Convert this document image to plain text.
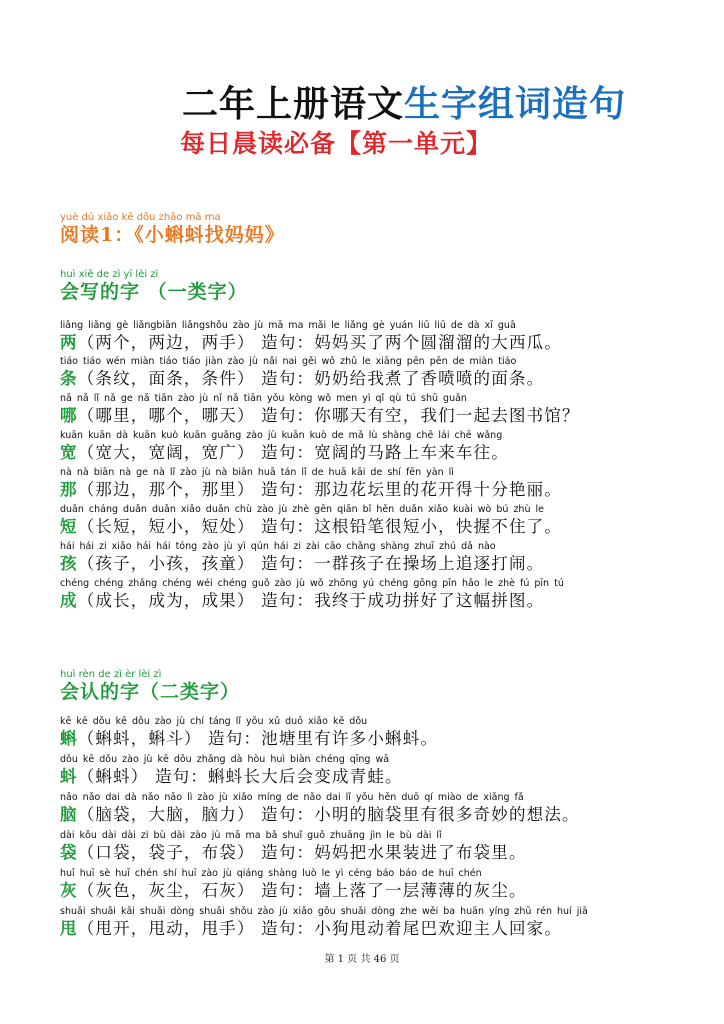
二年上册语文生字组词造句
每日晨读必备【第一单元】
yuè dú xiǎo kē dǒu zhǎo mā ma
阅读1：《小蝌蚪找妈妈》
huì xiě de zì yī lèi zì
会写的字 （一类字）
liǎng liǎng gè liǎngbiān liǎngshǒu zào jù mā ma mǎi le liǎng gè yuán liū liū de dà xī guā
两（两个，两边，两手） 造句：妈妈买了两个圆溜溜的大西瓜。
tiáo tiáo wén miàn tiáo tiáo jiàn zào jù nǎi nai gěi wǒ zhǔ le xiāng pēn pēn de miàn tiáo
条（条纹，面条，条件） 造句：奶奶给我煮了香喷喷的面条。
nǎ nǎ lǐ nǎ ge nǎ tiān zào jù nǐ nǎ tiān yǒu kòng wǒ men yì qǐ qù tú shū guǎn
哪（哪里，哪个，哪天） 造句：你哪天有空，我们一起去图书馆？
kuān kuān dà kuān kuò kuān guǎng zào jù kuān kuò de mǎ lù shàng chē lái chē wǎng
宽（宽大，宽阔，宽广） 造句：宽阔的马路上车来车往。
nà nà biān nà ge nà lǐ zào jù nà biān huā tán lǐ de huā kāi de shí fēn yàn lì
那（那边，那个，那里） 造句：那边花坛里的花开得十分艳丽。
duǎn cháng duǎn duǎn xiǎo duǎn chù zào jù zhè gēn qiān bǐ hěn duǎn xiǎo kuài wò bú zhù le
短（长短，短小，短处） 造句：这根铅笔很短小，快握不住了。
hái hái zi xiǎo hái hái tóng zào jù yì qún hái zi zài cāo chǎng shàng zhuī zhú dǎ nào
孩（孩子，小孩，孩童） 造句：一群孩子在操场上追逐打闹。
chéng chéng zhǎng chéng wéi chéng guǒ zào jù wǒ zhōng yú chéng gōng pīn hǎo le zhè fú pīn tú
成（成长，成为，成果） 造句：我终于成功拼好了这幅拼图。
huì rèn de zì èr lèi zì
会认的字（二类字）
kē kē dǒu kē dǒu zào jù chí táng lǐ yǒu xǔ duō xiǎo kē dǒu
蝌（蝌蚪，蝌斗） 造句：池塘里有许多小蝌蚪。
dǒu kē dǒu zào jù kē dǒu zhǎng dà hòu huì biàn chéng qīng wā
蚪（蝌蚪） 造句：蝌蚪长大后会变成青蛙。
nǎo nǎo dai dà nǎo nǎo lì zào jù xiǎo míng de nǎo dai lǐ yǒu hěn duō qí miào de xiǎng fǎ
脑（脑袋，大脑，脑力） 造句：小明的脑袋里有很多奇妙的想法。
dài kǒu dài dài zi bù dài zào jù mā ma bǎ shuǐ guǒ zhuāng jìn le bù dài lǐ
袋（口袋，袋子，布袋） 造句：妈妈把水果装进了布袋里。
huī huī sè huī chén shí huī zào jù qiáng shàng luò le yì céng báo báo de huī chén
灰（灰色，灰尘，石灰） 造句：墙上落了一层薄薄的灰尘。
shuǎi shuǎi kāi shuǎi dòng shuǎi shǒu zào jù xiǎo gǒu shuǎi dòng zhe wěi ba huān yíng zhǔ rén huí jiā
甩（甩开，甩动，甩手） 造句：小狗甩动着尾巴欢迎主人回家。
第 1 页 共 46 页
